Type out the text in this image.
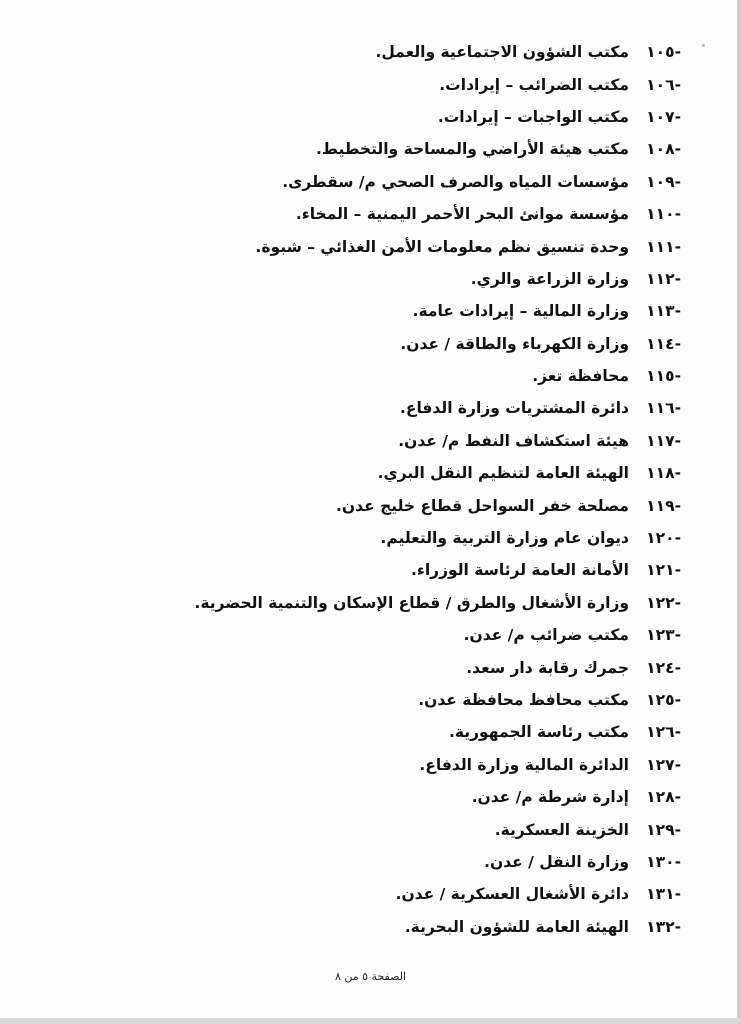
-١٠٥
مكتب الشؤون الاجتماعية والعمل.
-١٠٦
مكتب الضرائب – إيرادات.
-١٠٧
مكتب الواجبات – إيرادات.
-١٠٨
مكتب هيئة الأراضي والمساحة والتخطيط.
-١٠٩
مؤسسات المياه والصرف الصحي م/ سقطرى.
-١١٠
مؤسسة موانئ البحر الأحمر اليمنية – المخاء.
-١١١
وحدة تنسيق نظم معلومات الأمن الغذائي – شبوة.
-١١٢
وزارة الزراعة والري.
-١١٣
وزارة المالية – إيرادات عامة.
-١١٤
وزارة الكهرباء والطاقة / عدن.
-١١٥
محافظة تعز.
-١١٦
دائرة المشتريات وزارة الدفاع.
-١١٧
هيئة استكشاف النفط م/ عدن.
-١١٨
الهيئة العامة لتنظيم النقل البري.
-١١٩
مصلحة خفر السواحل قطاع خليج عدن.
-١٢٠
ديوان عام وزارة التربية والتعليم.
-١٢١
الأمانة العامة لرئاسة الوزراء.
-١٢٢
وزارة الأشغال والطرق / قطاع الإسكان والتنمية الحضرية.
-١٢٣
مكتب ضرائب م/ عدن.
-١٢٤
جمرك رقابة دار سعد.
-١٢٥
مكتب محافظ محافظة عدن.
-١٢٦
مكتب رئاسة الجمهورية.
-١٢٧
الدائرة المالية وزارة الدفاع.
-١٢٨
إدارة شرطة م/ عدن.
-١٢٩
الخزينة العسكرية.
-١٣٠
وزارة النقل / عدن.
-١٣١
دائرة الأشغال العسكرية / عدن.
-١٣٢
الهيئة العامة للشؤون البحرية.
الصفحة ٥ من ٨
